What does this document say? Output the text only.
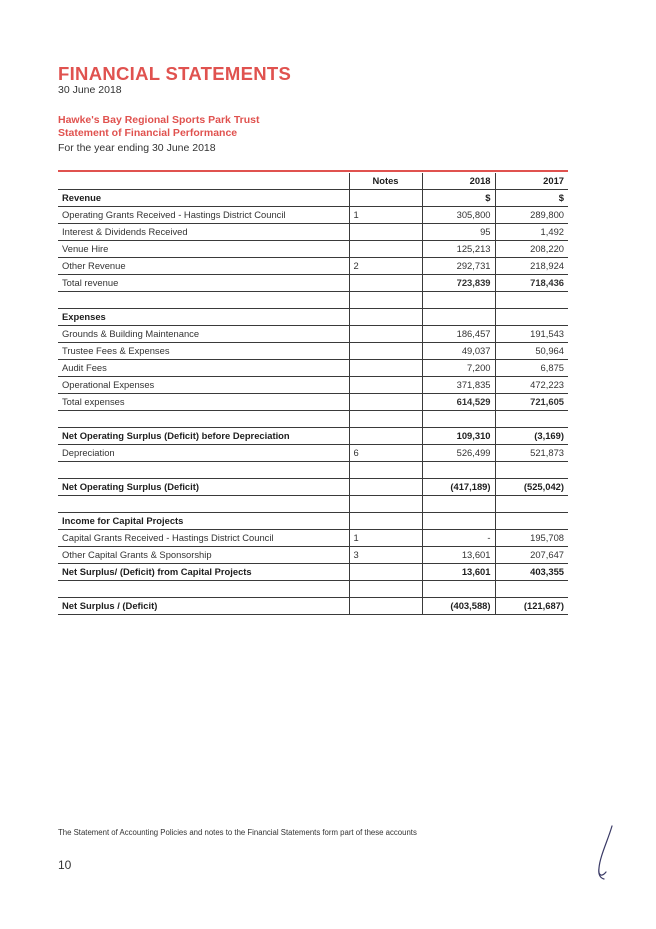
FINANCIAL STATEMENTS
30 June 2018
Hawke's Bay Regional Sports Park Trust
Statement of Financial Performance
For the year ending 30 June 2018
	Notes	2018	2017
Revenue		$	$
Operating Grants Received - Hastings District Council	1	305,800	289,800
Interest & Dividends Received		95	1,492
Venue Hire		125,213	208,220
Other Revenue	2	292,731	218,924
Total revenue		723,839	718,436

Expenses			
Grounds & Building Maintenance		186,457	191,543
Trustee Fees & Expenses		49,037	50,964
Audit Fees		7,200	6,875
Operational Expenses		371,835	472,223
Total expenses		614,529	721,605

Net Operating Surplus (Deficit) before Depreciation		109,310	(3,169)
Depreciation	6	526,499	521,873

Net Operating Surplus (Deficit)		(417,189)	(525,042)

Income for Capital Projects			
Capital Grants Received - Hastings District Council	1	-	195,708
Other Capital Grants & Sponsorship	3	13,601	207,647
Net Surplus/ (Deficit) from Capital Projects		13,601	403,355

Net Surplus / (Deficit)		(403,588)	(121,687)
The Statement of Accounting Policies and notes to the Financial Statements form part of these accounts
10
